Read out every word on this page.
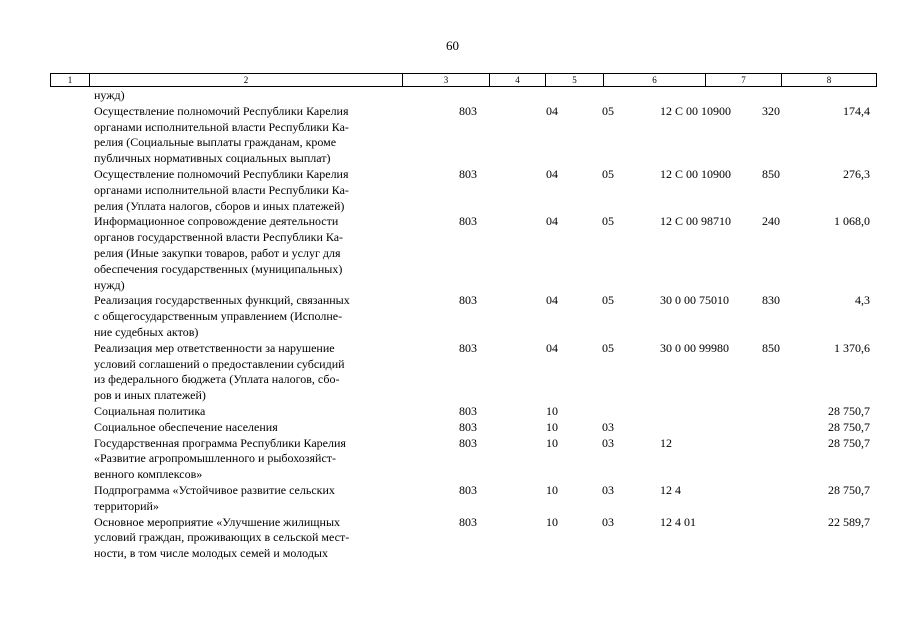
60
1	2	3	4	5	6	7	8
нужд)						

Осуществление полномочий Республики Карелия
органами исполнительной власти Республики Ка-
релия (Социальные выплаты гражданам, кроме
публичных нормативных социальных выплат)	803	04	05	12 С 00 10900	320	174,4

Осуществление полномочий Республики Карелия
органами исполнительной власти Республики Ка-
релия (Уплата налогов, сборов и иных платежей)	803	04	05	12 С 00 10900	850	276,3

Информационное сопровождение деятельности
органов государственной власти Республики Ка-
релия (Иные закупки товаров, работ и услуг для
обеспечения государственных (муниципальных)
нужд)	803	04	05	12 С 00 98710	240	1 068,0

Реализация государственных функций, связанных
с общегосударственным управлением (Исполне-
ние судебных актов)	803	04	05	30 0 00 75010	830	4,3

Реализация мер ответственности за нарушение
условий соглашений о предоставлении субсидий
из федерального бюджета (Уплата налогов, сбо-
ров и иных платежей)	803	04	05	30 0 00 99980	850	1 370,6

Социальная политика	803	10				28 750,7

Социальное обеспечение населения	803	10	03			28 750,7

Государственная программа Республики Карелия
«Развитие агропромышленного и рыбохозяйст-
венного комплексов»	803	10	03	12		28 750,7

Подпрограмма «Устойчивое развитие сельских
территорий»	803	10	03	12 4		28 750,7

Основное мероприятие «Улучшение жилищных
условий граждан, проживающих в сельской мест-
ности, в том числе молодых семей и молодых	803	10	03	12 4 01		22 589,7
